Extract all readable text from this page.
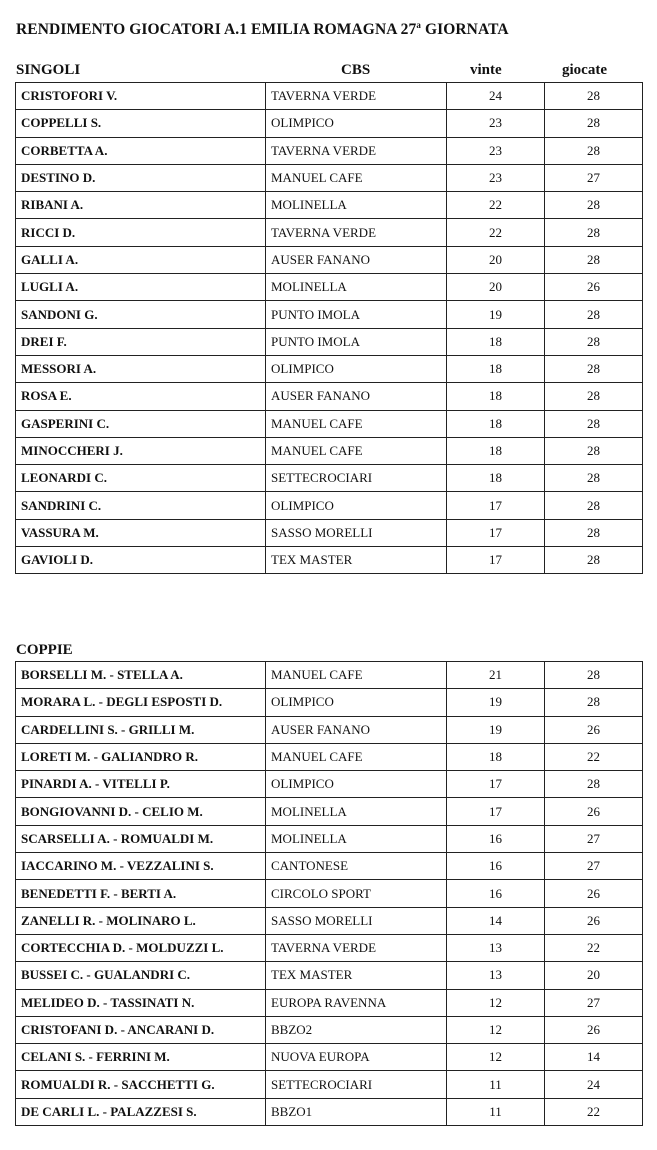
RENDIMENTO GIOCATORI A.1 EMILIA ROMAGNA 27$^a$ GIORNATA
SINGOLI	CBS	vinte	giocate
CRISTOFORI V.	TAVERNA VERDE	24	28
COPPELLI S.	OLIMPICO	23	28
CORBETTA A.	TAVERNA VERDE	23	28
DESTINO D.	MANUEL CAFE	23	27
RIBANI A.	MOLINELLA	22	28
RICCI D.	TAVERNA VERDE	22	28
GALLI A.	AUSER FANANO	20	28
LUGLI A.	MOLINELLA	20	26
SANDONI G.	PUNTO IMOLA	19	28
DREI F.	PUNTO IMOLA	18	28
MESSORI A.	OLIMPICO	18	28
ROSA E.	AUSER FANANO	18	28
GASPERINI C.	MANUEL CAFE	18	28
MINOCCHERI J.	MANUEL CAFE	18	28
LEONARDI C.	SETTECROCIARI	18	28
SANDRINI C.	OLIMPICO	17	28
VASSURA M.	SASSO MORELLI	17	28
GAVIOLI D.	TEX MASTER	17	28
COPPIE
BORSELLI M. - STELLA A.	MANUEL CAFE	21	28
MORARA L. - DEGLI ESPOSTI D.	OLIMPICO	19	28
CARDELLINI S. - GRILLI M.	AUSER FANANO	19	26
LORETI M. - GALIANDRO R.	MANUEL CAFE	18	22
PINARDI A. - VITELLI P.	OLIMPICO	17	28
BONGIOVANNI D. - CELIO M.	MOLINELLA	17	26
SCARSELLI A. - ROMUALDI M.	MOLINELLA	16	27
IACCARINO M. - VEZZALINI S.	CANTONESE	16	27
BENEDETTI F. - BERTI A.	CIRCOLO SPORT	16	26
ZANELLI R. - MOLINARO L.	SASSO MORELLI	14	26
CORTECCHIA D. - MOLDUZZI L.	TAVERNA VERDE	13	22
BUSSEI C. - GUALANDRI C.	TEX MASTER	13	20
MELIDEO D. - TASSINATI N.	EUROPA RAVENNA	12	27
CRISTOFANI D. - ANCARANI D.	BBZO2	12	26
CELANI S. - FERRINI M.	NUOVA EUROPA	12	14
ROMUALDI R. - SACCHETTI G.	SETTECROCIARI	11	24
DE CARLI L. - PALAZZESI S.	BBZO1	11	22
